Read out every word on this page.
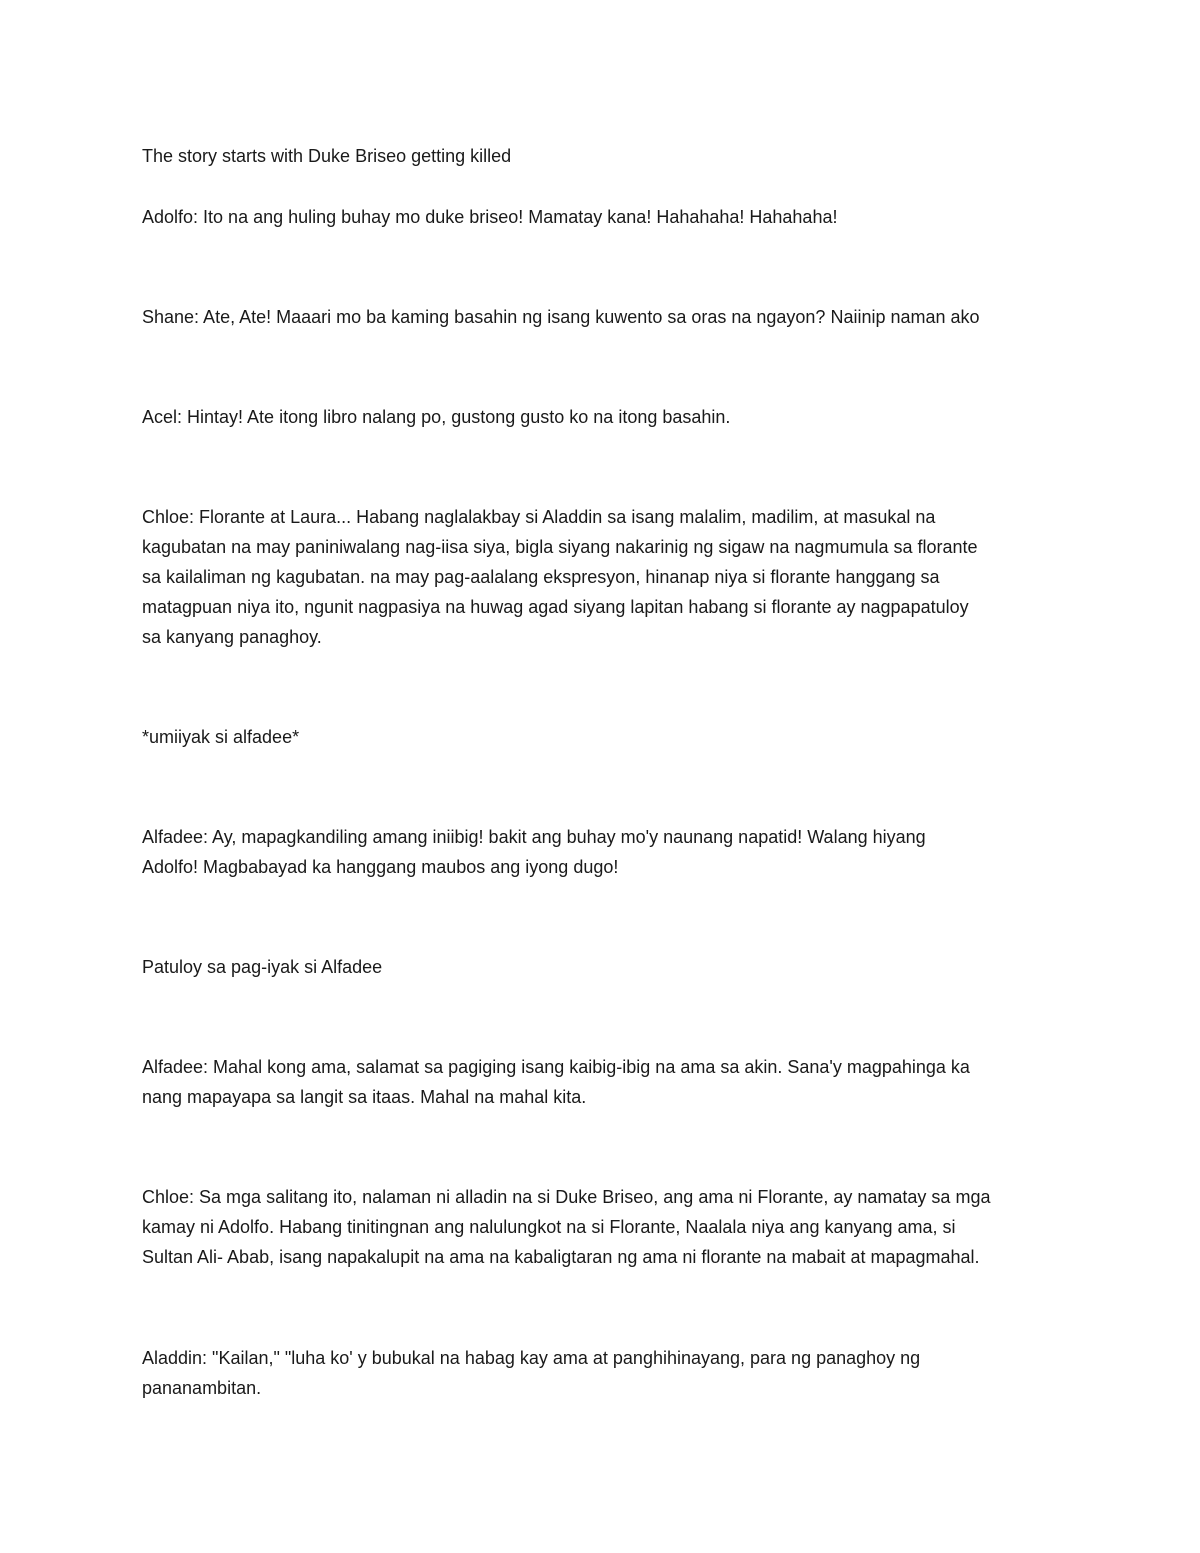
The story starts with Duke Briseo getting killed

Adolfo: Ito na ang huling buhay mo duke briseo! Mamatay kana! Hahahaha! Hahahaha!

Shane: Ate, Ate! Maaari mo ba kaming basahin ng isang kuwento sa oras na ngayon? Naiinip naman ako

Acel: Hintay! Ate itong libro nalang po, gustong gusto ko na itong basahin.

Chloe: Florante at Laura... Habang naglalakbay si Aladdin sa isang malalim, madilim, at masukal na
kagubatan na may paniniwalang nag-iisa siya, bigla siyang nakarinig ng sigaw na nagmumula sa florante
sa kailaliman ng kagubatan. na may pag-aalalang ekspresyon, hinanap niya si florante hanggang sa
matagpuan niya ito, ngunit nagpasiya na huwag agad siyang lapitan habang si florante ay nagpapatuloy
sa kanyang panaghoy.

*umiiyak si alfadee*

Alfadee: Ay, mapagkandiling amang iniibig! bakit ang buhay mo'y naunang napatid! Walang hiyang
Adolfo! Magbabayad ka hanggang maubos ang iyong dugo!

Patuloy sa pag-iyak si Alfadee

Alfadee: Mahal kong ama, salamat sa pagiging isang kaibig-ibig na ama sa akin. Sana'y magpahinga ka
nang mapayapa sa langit sa itaas. Mahal na mahal kita.

Chloe: Sa mga salitang ito, nalaman ni alladin na si Duke Briseo, ang ama ni Florante, ay namatay sa mga
kamay ni Adolfo. Habang tinitingnan ang nalulungkot na si Florante, Naalala niya ang kanyang ama, si
Sultan Ali- Abab, isang napakalupit na ama na kabaligtaran ng ama ni florante na mabait at mapagmahal.

Aladdin: "Kailan," "luha ko' y bubukal na habag kay ama at panghihinayang, para ng panaghoy ng
pananambitan.
